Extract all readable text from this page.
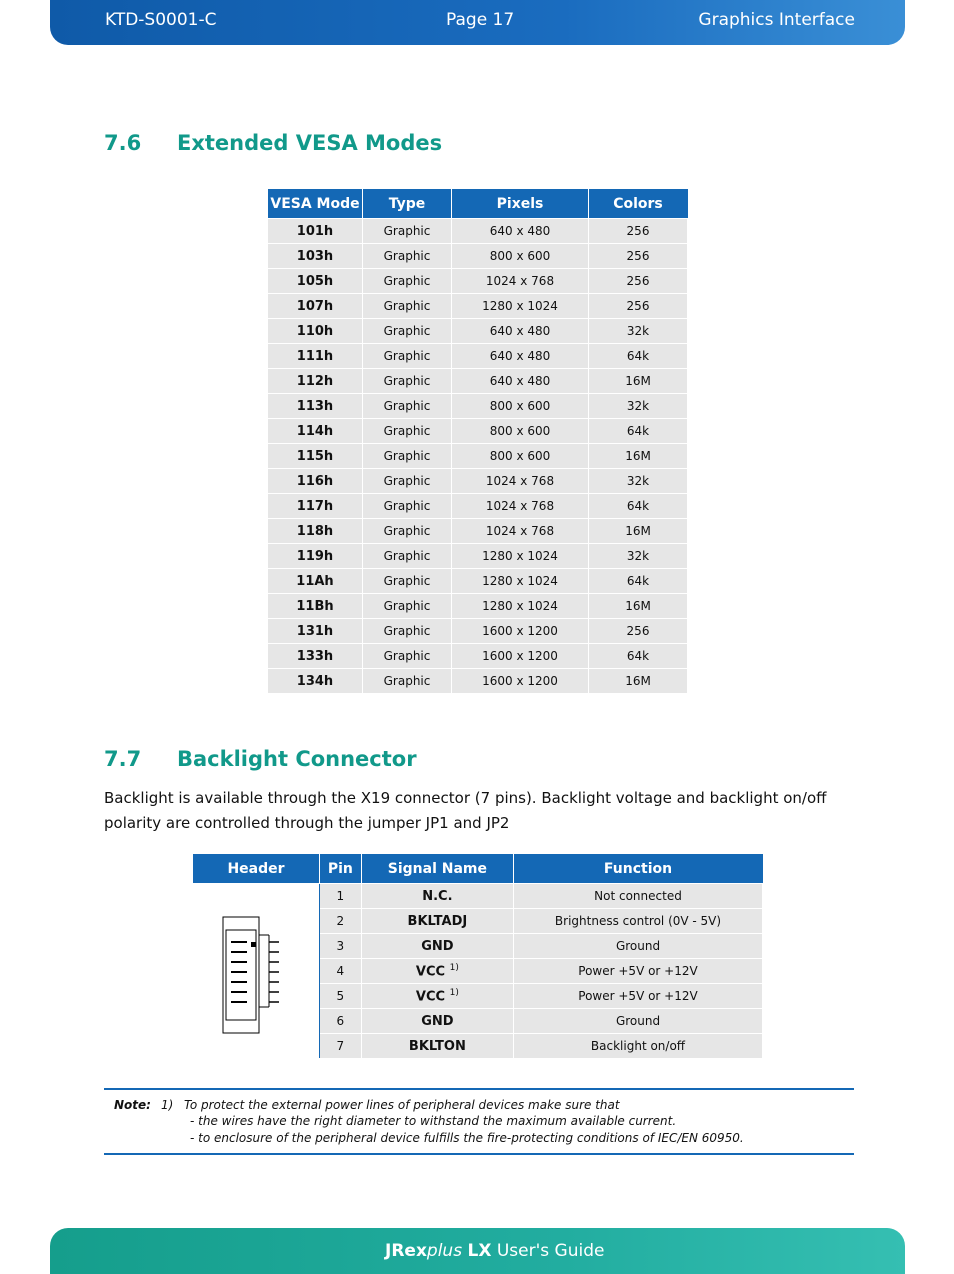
KTD-S0001-C	Page 17	Graphics Interface
7.6 Extended VESA Modes
VESA Mode	Type	Pixels	Colors
101h	Graphic	640 x 480	256
103h	Graphic	800 x 600	256
105h	Graphic	1024 x 768	256
107h	Graphic	1280 x 1024	256
110h	Graphic	640 x 480	32k
111h	Graphic	640 x 480	64k
112h	Graphic	640 x 480	16M
113h	Graphic	800 x 600	32k
114h	Graphic	800 x 600	64k
115h	Graphic	800 x 600	16M
116h	Graphic	1024 x 768	32k
117h	Graphic	1024 x 768	64k
118h	Graphic	1024 x 768	16M
119h	Graphic	1280 x 1024	32k
11Ah	Graphic	1280 x 1024	64k
11Bh	Graphic	1280 x 1024	16M
131h	Graphic	1600 x 1200	256
133h	Graphic	1600 x 1200	64k
134h	Graphic	1600 x 1200	16M
7.7 Backlight Connector
Backlight is available through the X19 connector (7 pins). Backlight voltage and backlight on/off polarity are controlled through the jumper JP1 and JP2
Header	Pin	Signal Name	Function
	1	N.C.	Not connected
	2	BKLTADJ	Brightness control (0V - 5V)
	3	GND	Ground
	4	VCC $^{1)}$	Power +5V or +12V
	5	VCC $^{1)}$	Power +5V or +12V
	6	GND	Ground
	7	BKLTON	Backlight on/off
Note: 1) To protect the external power lines of peripheral devices make sure that
- the wires have the right diameter to withstand the maximum available current.
- to enclosure of the peripheral device fulfills the fire-protecting conditions of IEC/EN 60950.
JRexplus LX User's Guide
